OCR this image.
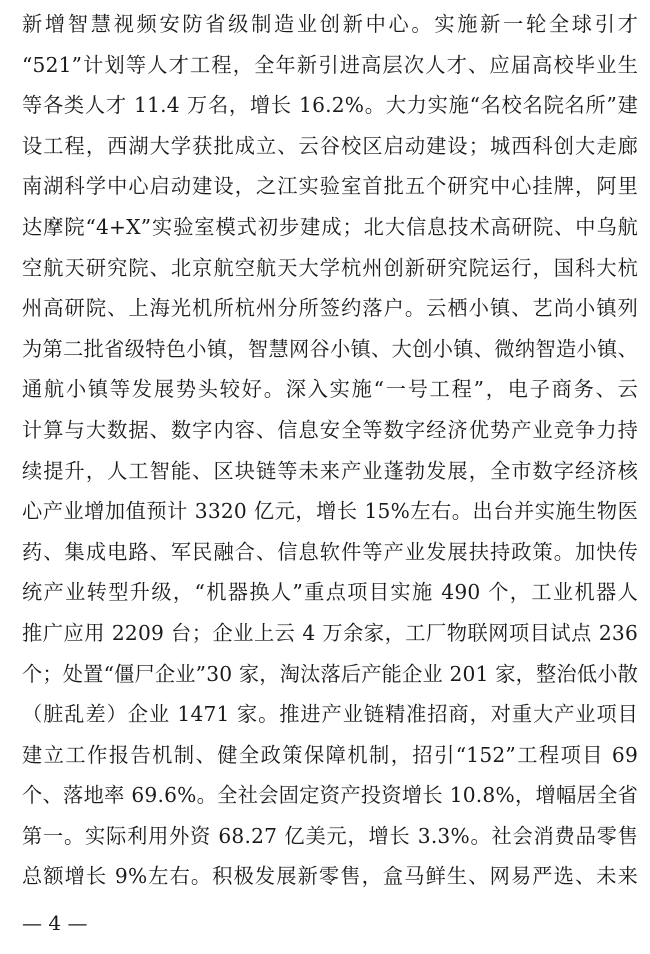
新增智慧视频安防省级制造业创新中心。实施新一轮全球引才
“521”计划等人才工程，全年新引进高层次人才、应届高校毕业生
等各类人才 11.4 万名，增长 16.2%。大力实施“名校名院名所”建
设工程，西湖大学获批成立、云谷校区启动建设；城西科创大走廊
南湖科学中心启动建设，之江实验室首批五个研究中心挂牌，阿里
达摩院“4+X”实验室模式初步建成；北大信息技术高研院、中乌航
空航天研究院、北京航空航天大学杭州创新研究院运行，国科大杭
州高研院、上海光机所杭州分所签约落户。云栖小镇、艺尚小镇列
为第二批省级特色小镇，智慧网谷小镇、大创小镇、微纳智造小镇、
通航小镇等发展势头较好。深入实施“一号工程”，电子商务、云
计算与大数据、数字内容、信息安全等数字经济优势产业竞争力持
续提升，人工智能、区块链等未来产业蓬勃发展，全市数字经济核
心产业增加值预计 3320 亿元，增长 15%左右。出台并实施生物医
药、集成电路、军民融合、信息软件等产业发展扶持政策。加快传
统产业转型升级，“机器换人”重点项目实施 490 个，工业机器人
推广应用 2209 台；企业上云 4 万余家，工厂物联网项目试点 236
个；处置“僵尸企业”30 家，淘汰落后产能企业 201 家，整治低小散
（脏乱差）企业 1471 家。推进产业链精准招商，对重大产业项目
建立工作报告机制、健全政策保障机制，招引“152”工程项目 69
个、落地率 69.6%。全社会固定资产投资增长 10.8%，增幅居全省
第一。实际利用外资 68.27 亿美元，增长 3.3%。社会消费品零售
总额增长 9%左右。积极发展新零售，盒马鲜生、网易严选、未来
— 4 —
